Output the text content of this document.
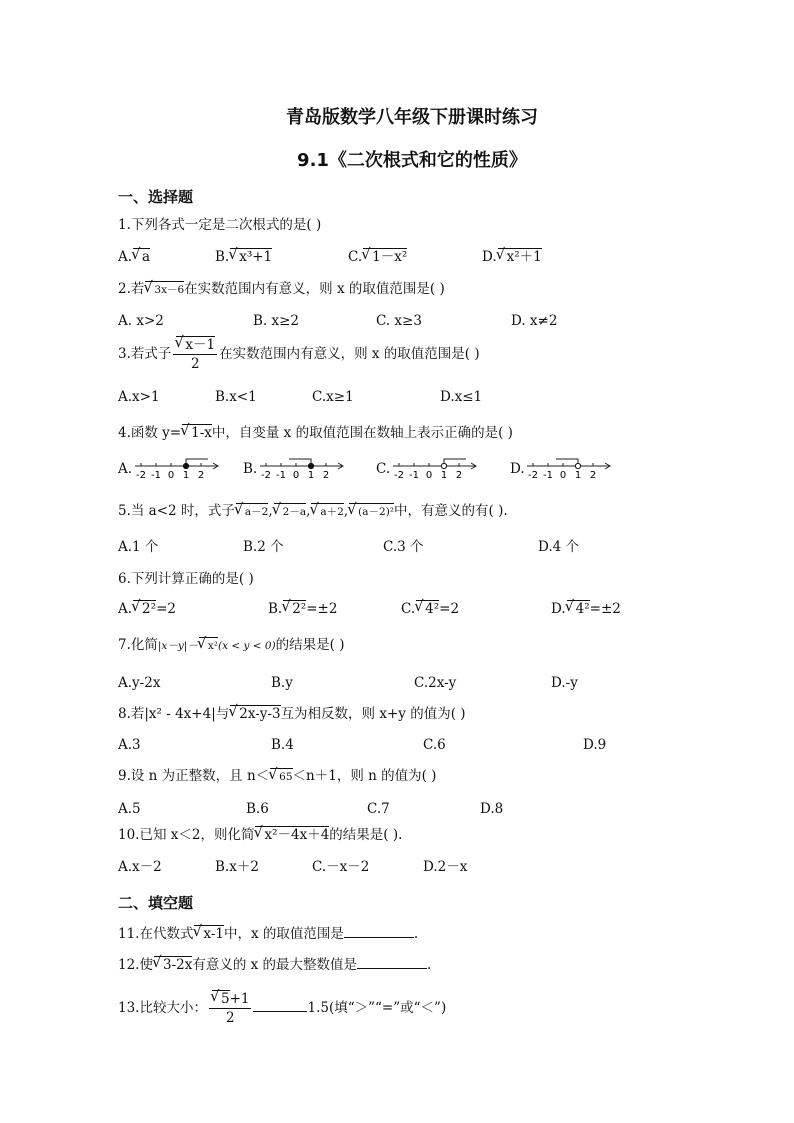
青岛版数学八年级下册课时练习
9.1《二次根式和它的性质》
一、选择题
1.下列各式一定是二次根式的是( )
A. √ a	B. √ x³+1	C. √ 1－x²	D. √ x²＋1
2.若 √ 3x－6在实数范围内有意义，则 x 的取值范围是( )
A. x>2	B. x≥2	C. x≥3	D. x≠2
3.若式子 √ $\frac{x-1}{2}$ 在实数范围内有意义，则 x 的取值范围是( )
A.x>1	B.x<1	C.x≥1	D.x≤1
4.函数 y= √ 1-x中，自变量 x 的取值范围在数轴上表示正确的是( )
A. -2 -1 0 1 2	B. -2 -1 0 1 2	C. -2 -1 0 1 2	D. -2 -1 0 1 2
5.当 a<2 时，式子 √ a－2, √ 2－a, √ a＋2, √ (a－2)²中，有意义的有( ).
A.1 个	B.2 个	C.3 个	D.4 个
6.下列计算正确的是( )
A. √ 2²=2	B. √ 2²=±2	C. √ 4²=2	D. √ 4²=±2
7.化简|x－y|－ √ x²(x < y < 0)的结果是( )
A.y-2x	B.y	C.2x-y	D.-y
8.若|x² - 4x+4|与 √ 2x-y-3互为相反数，则 x+y 的值为( )
A.3	B.4	C.6	D.9
9.设 n 为正整数，且 n＜ √ 65＜n＋1，则 n 的值为( )
A.5	B.6	C.7	D.8
10.已知 x＜2，则化简 √ x²－4x＋4的结果是( ).
A.x－2	B.x＋2	C.－x－2	D.2－x
二、填空题
11.在代数式 √ x-1中，x 的取值范围是	.
12.使 √ 3-2x有意义的 x 的最大整数值是	.
13.比较大小： √ $\frac{5+1}{2}$	1.5(填“＞”“=”或“＜”)
